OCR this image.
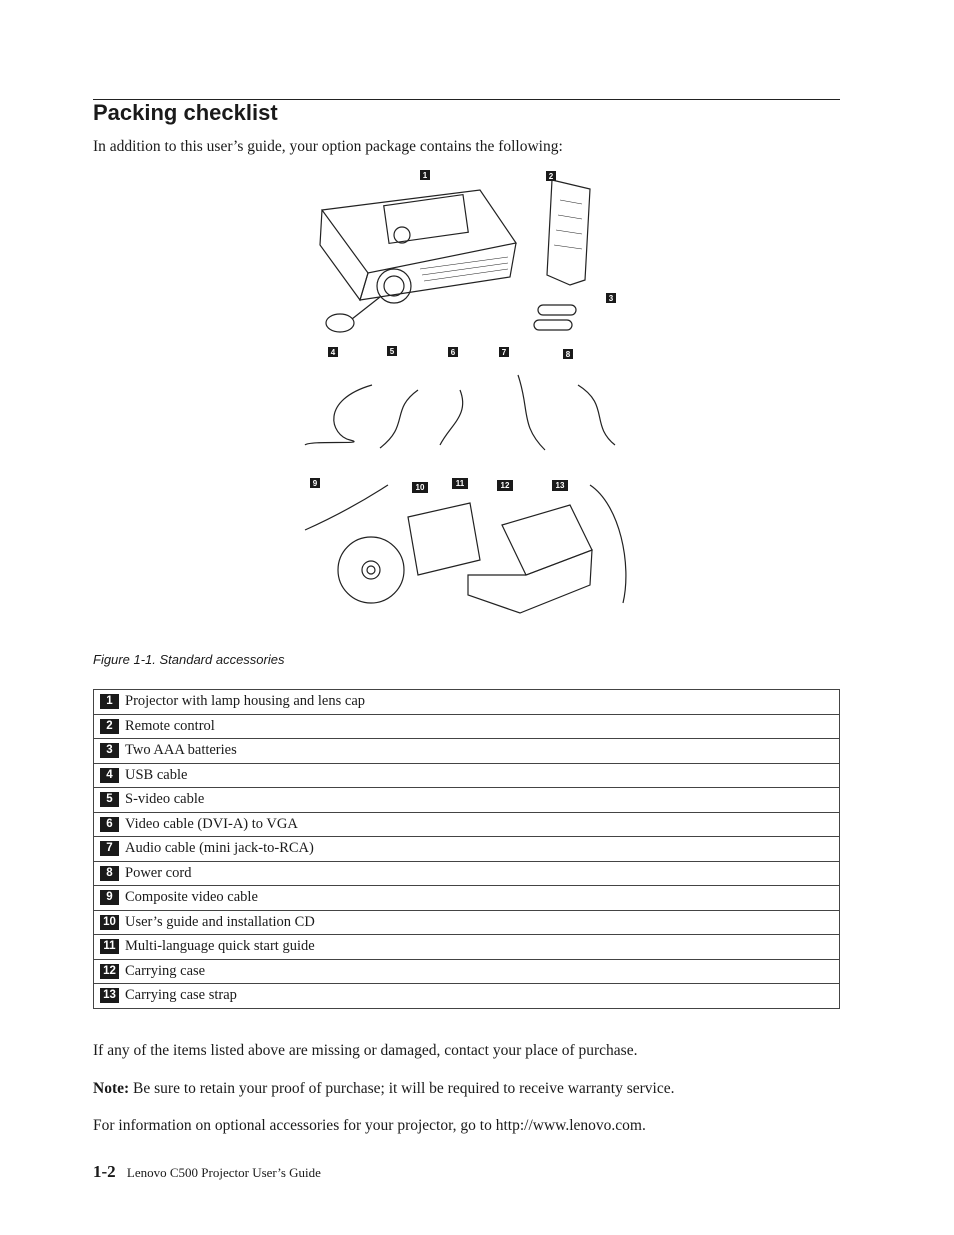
Packing checklist
In addition to this user’s guide, your option package contains the following:
1	2
3
4	5	6	7	8
9	10	11	12	13
Figure 1-1. Standard accessories
1 Projector with lamp housing and lens cap
2 Remote control
3 Two AAA batteries
4 USB cable
5 S-video cable
6 Video cable (DVI-A) to VGA
7 Audio cable (mini jack-to-RCA)
8 Power cord
9 Composite video cable
10 User’s guide and installation CD
11 Multi-language quick start guide
12 Carrying case
13 Carrying case strap
If any of the items listed above are missing or damaged, contact your place of purchase.
Note: Be sure to retain your proof of purchase; it will be required to receive warranty service.
For information on optional accessories for your projector, go to http://www.lenovo.com.
1-2 Lenovo C500 Projector User’s Guide
